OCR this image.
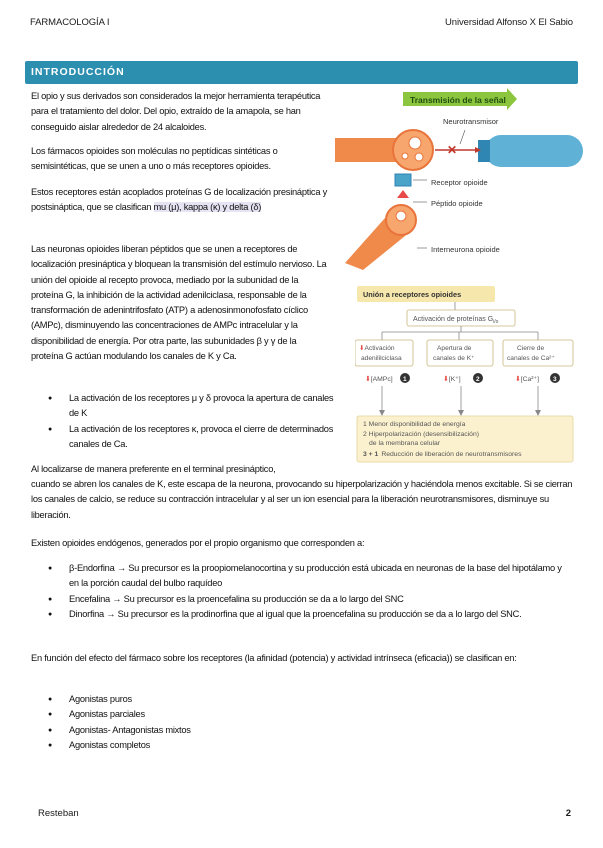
FARMACOLOGÍA I	Universidad Alfonso X El Sabio
INTRODUCCIÓN

El opio y sus derivados son considerados la mejor herramienta terapéutica para el tratamiento del dolor. Del opio, extraído de la amapola, se han conseguido aislar alrededor de 24 alcaloides.

Los fármacos opioides son moléculas no peptídicas sintéticas o semisintéticas, que se unen a uno o más receptores opioides.

Estos receptores están acoplados proteínas G de localización presináptica y postsináptica, que se clasifican mu (μ), kappa (κ) y delta (δ)

Las neuronas opioides liberan péptidos que se unen a receptores de localización presináptica y bloquean la transmisión del estímulo nervioso. La unión del opioide al recepto provoca, mediado por la subunidad de la proteína G, la inhibición de la actividad adenilciclasa, responsable de la transformación de adenintrifosfato (ATP) a adenosinmonofosfato cíclico (AMPc), disminuyendo las concentraciones de AMPc intracelular y la disponibilidad de energía. Por otra parte, las subunidades β y γ de la proteína G actúan modulando los canales de K y Ca.

● La activación de los receptores μ y δ provoca la apertura de canales de K
● La activación de los receptores κ, provoca el cierre de determinados canales de Ca.

Al localizarse de manera preferente en el terminal presináptico,

cuando se abren los canales de K, este escapa de la neurona, provocando su hiperpolarización y haciéndola menos excitable. Si se cierran los canales de calcio, se reduce su contracción intracelular y al ser un ion esencial para la liberación neurotransmisores, disminuye su liberación.

Existen opioides endógenos, generados por el propio organismo que corresponden a:

● β-Endorfina → Su precursor es la proopiomelanocortina y su producción está ubicada en neuronas de la base del hipotálamo y en la porción caudal del bulbo raquídeo
● Encefalina → Su precursor es la proencefalina su producción se da a lo largo del SNC
● Dinorfina → Su precursor es la prodinorfina que al igual que la proencefalina su producción se da a lo largo del SNC.

En función del efecto del fármaco sobre los receptores (la afinidad (potencia) y actividad intrínseca (eficacia)) se clasifican en:

● Agonistas puros
● Agonistas parciales
● Agonistas- Antagonistas mixtos
● Agonistas completos
Transmisión de la señal
✕
Neurotransmisor
Receptor opioide
Péptido opioide
Interneurona opioide
Unión a receptores opioides
Activación de proteínas $G_{i/o}$
⬇Activación
adenililciclasa
Apertura de
canales de K⁺
Cierre de
canales de Ca²⁺
⬇[AMPc] 1	⬇[K⁺] 2	⬇[Ca²⁺] 3
1 Menor disponibilidad de energía
2 Hiperpolarización (desensibilización)
de la membrana celular
3 + 1 Reducción de liberación de neurotransmisores
Resteban	2
